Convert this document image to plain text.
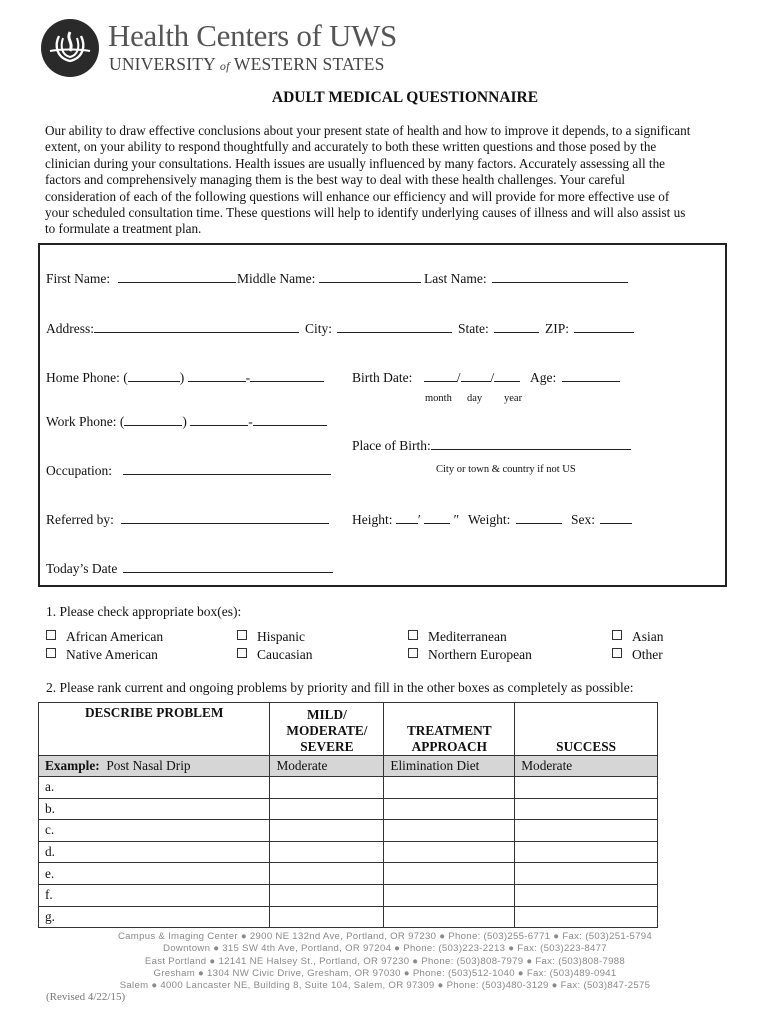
Health Centers of UWS
UNIVERSITY of WESTERN STATES
ADULT MEDICAL QUESTIONNAIRE
Our ability to draw effective conclusions about your present state of health and how to improve it depends, to a significant
extent, on your ability to respond thoughtfully and accurately to both these written questions and those posed by the
clinician during your consultations. Health issues are usually influenced by many factors. Accurately assessing all the
factors and comprehensively managing them is the best way to deal with these health challenges. Your careful
consideration of each of the following questions will enhance our efficiency and will provide for more effective use of
your scheduled consultation time. These questions will help to identify underlying causes of illness and will also assist us
to formulate a treatment plan.
First Name:	Middle Name:	Last Name:
Address:	City:	State:	ZIP:
Home Phone: (	)	-	Birth Date:	/ /	Age:
month day year
Work Phone: (	)	-
Place of Birth:
Occupation:	City or town & country if not US
Referred by:	Height: ′  ″ Weight:	Sex:
Today’s Date
1. Please check appropriate box(es):
African American	Hispanic	Mediterranean	Asian
Native American	Caucasian	Northern European	Other
2. Please rank current and ongoing problems by priority and fill in the other boxes as completely as possible:
DESCRIBE PROBLEM	MILD/
MODERATE/
SEVERE	TREATMENT
APPROACH	SUCCESS
Example: Post Nasal Drip	Moderate	Elimination Diet	Moderate
a.			
b.			
c.			
d.			
e.			
f.			
g.			
Campus & Imaging Center ● 2900 NE 132nd Ave, Portland, OR 97230 ● Phone: (503)255-6771 ● Fax: (503)251-5794
Downtown ● 315 SW 4th Ave, Portland, OR 97204 ● Phone: (503)223-2213 ● Fax: (503)223-8477
East Portland ● 12141 NE Halsey St., Portland, OR 97230 ● Phone: (503)808-7979 ● Fax: (503)808-7988
Gresham ● 1304 NW Civic Drive, Gresham, OR 97030 ● Phone: (503)512-1040 ● Fax: (503)489-0941
Salem ● 4000 Lancaster NE, Building 8, Suite 104, Salem, OR 97309 ● Phone: (503)480-3129 ● Fax: (503)847-2575
(Revised 4/22/15)
